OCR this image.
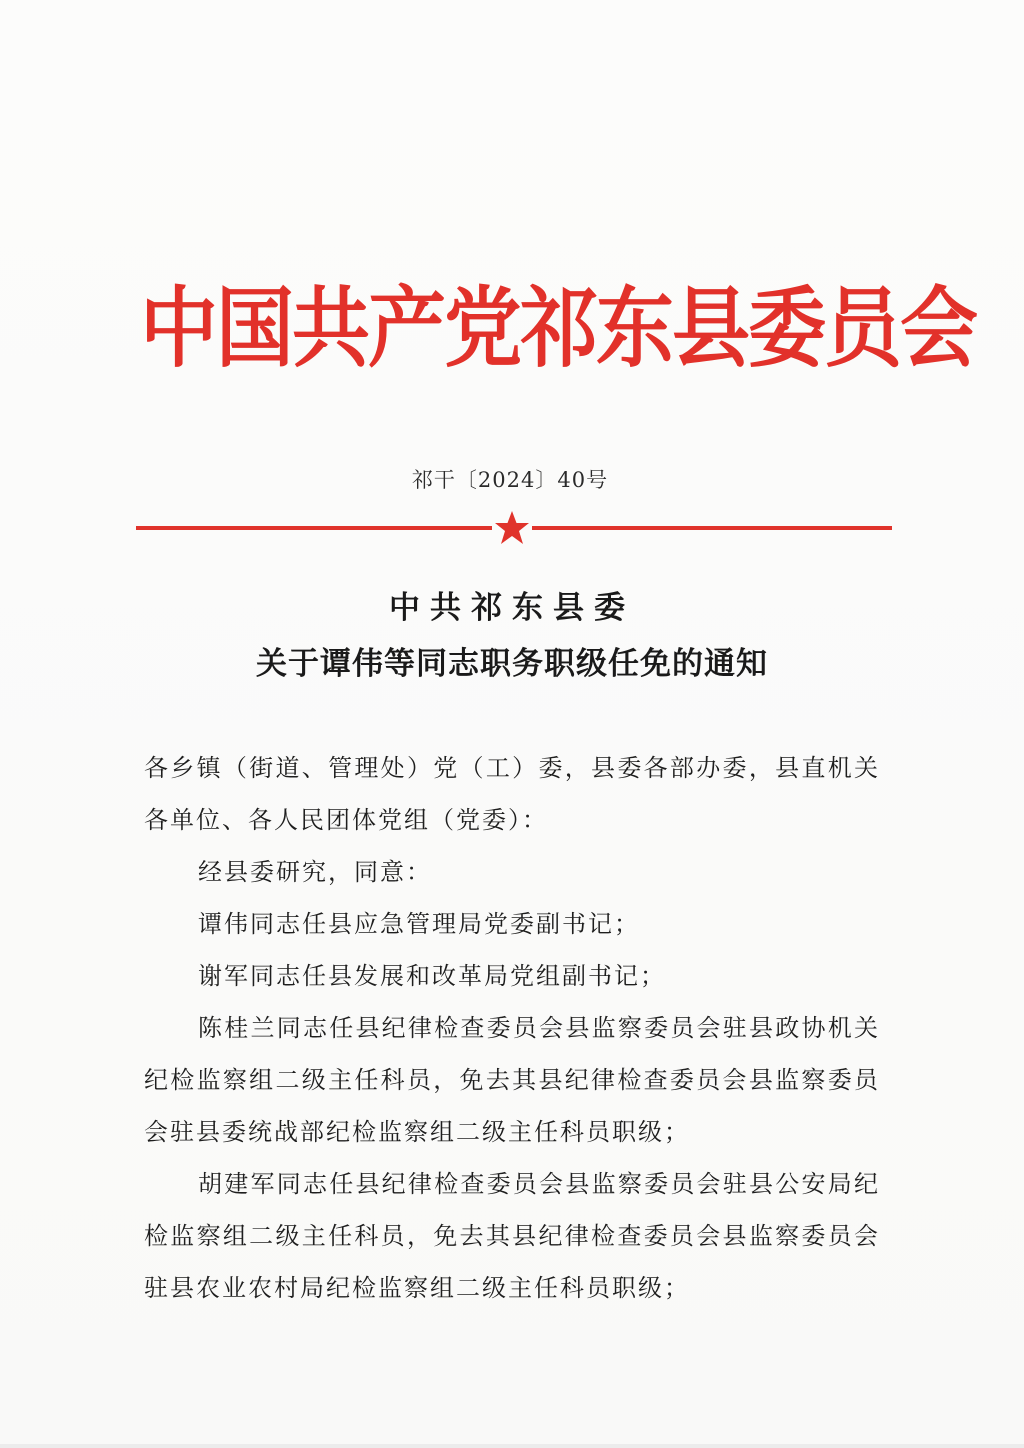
中国共产党祁东县委员会
祁干〔2024〕40号
中共祁东县委
关于谭伟等同志职务职级任免的通知

各乡镇（街道、管理处）党（工）委，县委各部办委，县直机关各单位、各人民团体党组（党委）：

经县委研究，同意：

谭伟同志任县应急管理局党委副书记；

谢军同志任县发展和改革局党组副书记；

陈桂兰同志任县纪律检查委员会县监察委员会驻县政协机关纪检监察组二级主任科员，免去其县纪律检查委员会县监察委员会驻县委统战部纪检监察组二级主任科员职级；

胡建军同志任县纪律检查委员会县监察委员会驻县公安局纪检监察组二级主任科员，免去其县纪律检查委员会县监察委员会驻县农业农村局纪检监察组二级主任科员职级；
